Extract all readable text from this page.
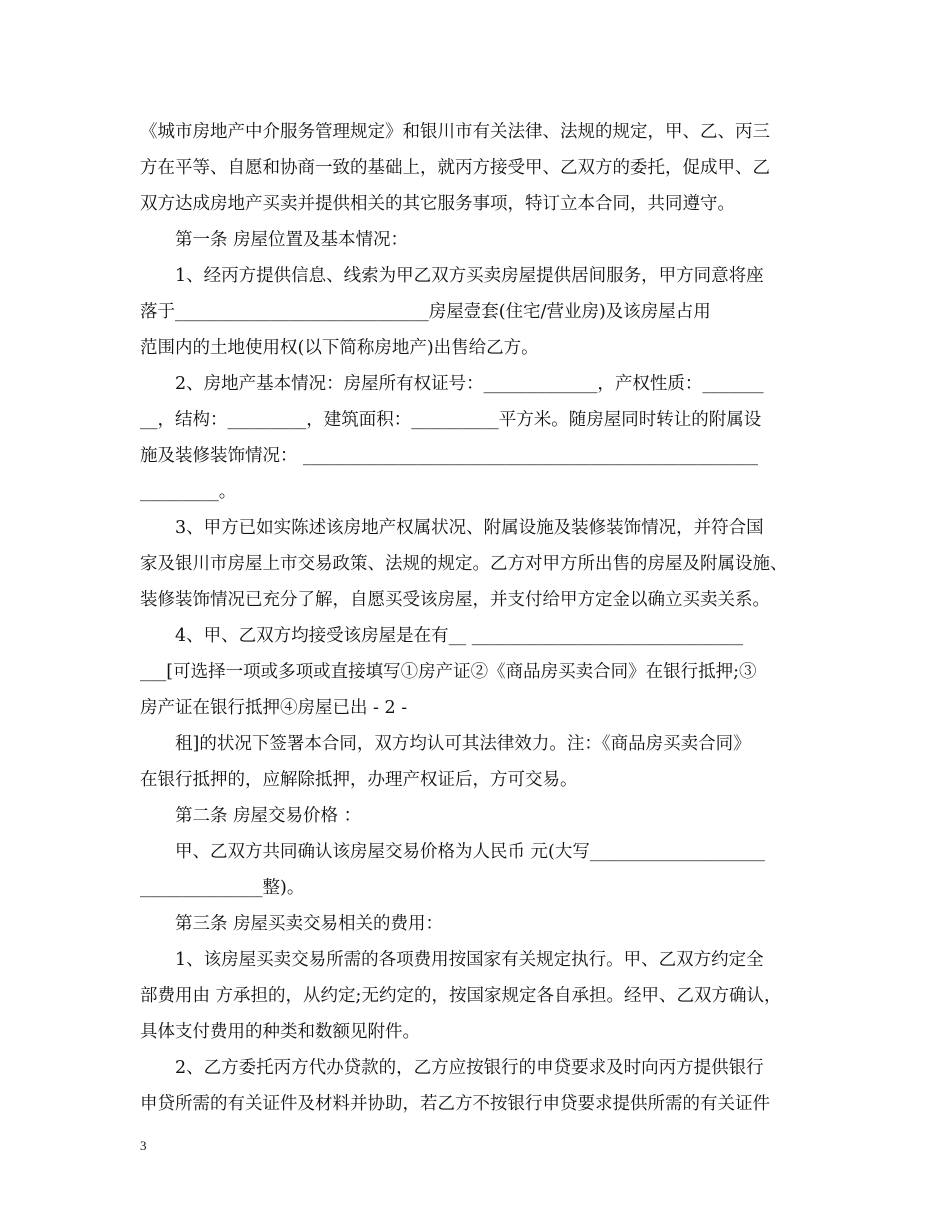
《城市房地产中介服务管理规定》和银川市有关法律、法规的规定，甲、乙、丙三
方在平等、自愿和协商一致的基础上，就丙方接受甲、乙双方的委托，促成甲、乙
双方达成房地产买卖并提供相关的其它服务事项，特订立本合同，共同遵守。
第一条 房屋位置及基本情况：
1、经丙方提供信息、线索为甲乙双方买卖房屋提供居间服务，甲方同意将座
落于_____________________________房屋壹套(住宅/营业房)及该房屋占用
范围内的土地使用权(以下简称房地产)出售给乙方。
2、房地产基本情况：房屋所有权证号：_____________，产权性质：_______
__，结构：_________，建筑面积：__________平方米。随房屋同时转让的附属设
施及装修装饰情况： ____________________________________________________
_________。
3、甲方已如实陈述该房地产权属状况、附属设施及装修装饰情况，并符合国
家及银川市房屋上市交易政策、法规的规定。乙方对甲方所出售的房屋及附属设施、
装修装饰情况已充分了解，自愿买受该房屋，并支付给甲方定金以确立买卖关系。
4、甲、乙双方均接受该房屋是在有__ _______________________________
___[可选择一项或多项或直接填写①房产证②《商品房买卖合同》在银行抵押;③
房产证在银行抵押④房屋已出 - 2 -
租]的状况下签署本合同，双方均认可其法律效力。注：《商品房买卖合同》
在银行抵押的，应解除抵押，办理产权证后，方可交易。
第二条 房屋交易价格 ：
甲、乙双方共同确认该房屋交易价格为人民币 元(大写____________________
______________整)。
第三条 房屋买卖交易相关的费用：
1、该房屋买卖交易所需的各项费用按国家有关规定执行。甲、乙双方约定全
部费用由 方承担的，从约定;无约定的，按国家规定各自承担。经甲、乙双方确认，
具体支付费用的种类和数额见附件。
2、乙方委托丙方代办贷款的，乙方应按银行的申贷要求及时向丙方提供银行
申贷所需的有关证件及材料并协助，若乙方不按银行申贷要求提供所需的有关证件
3
